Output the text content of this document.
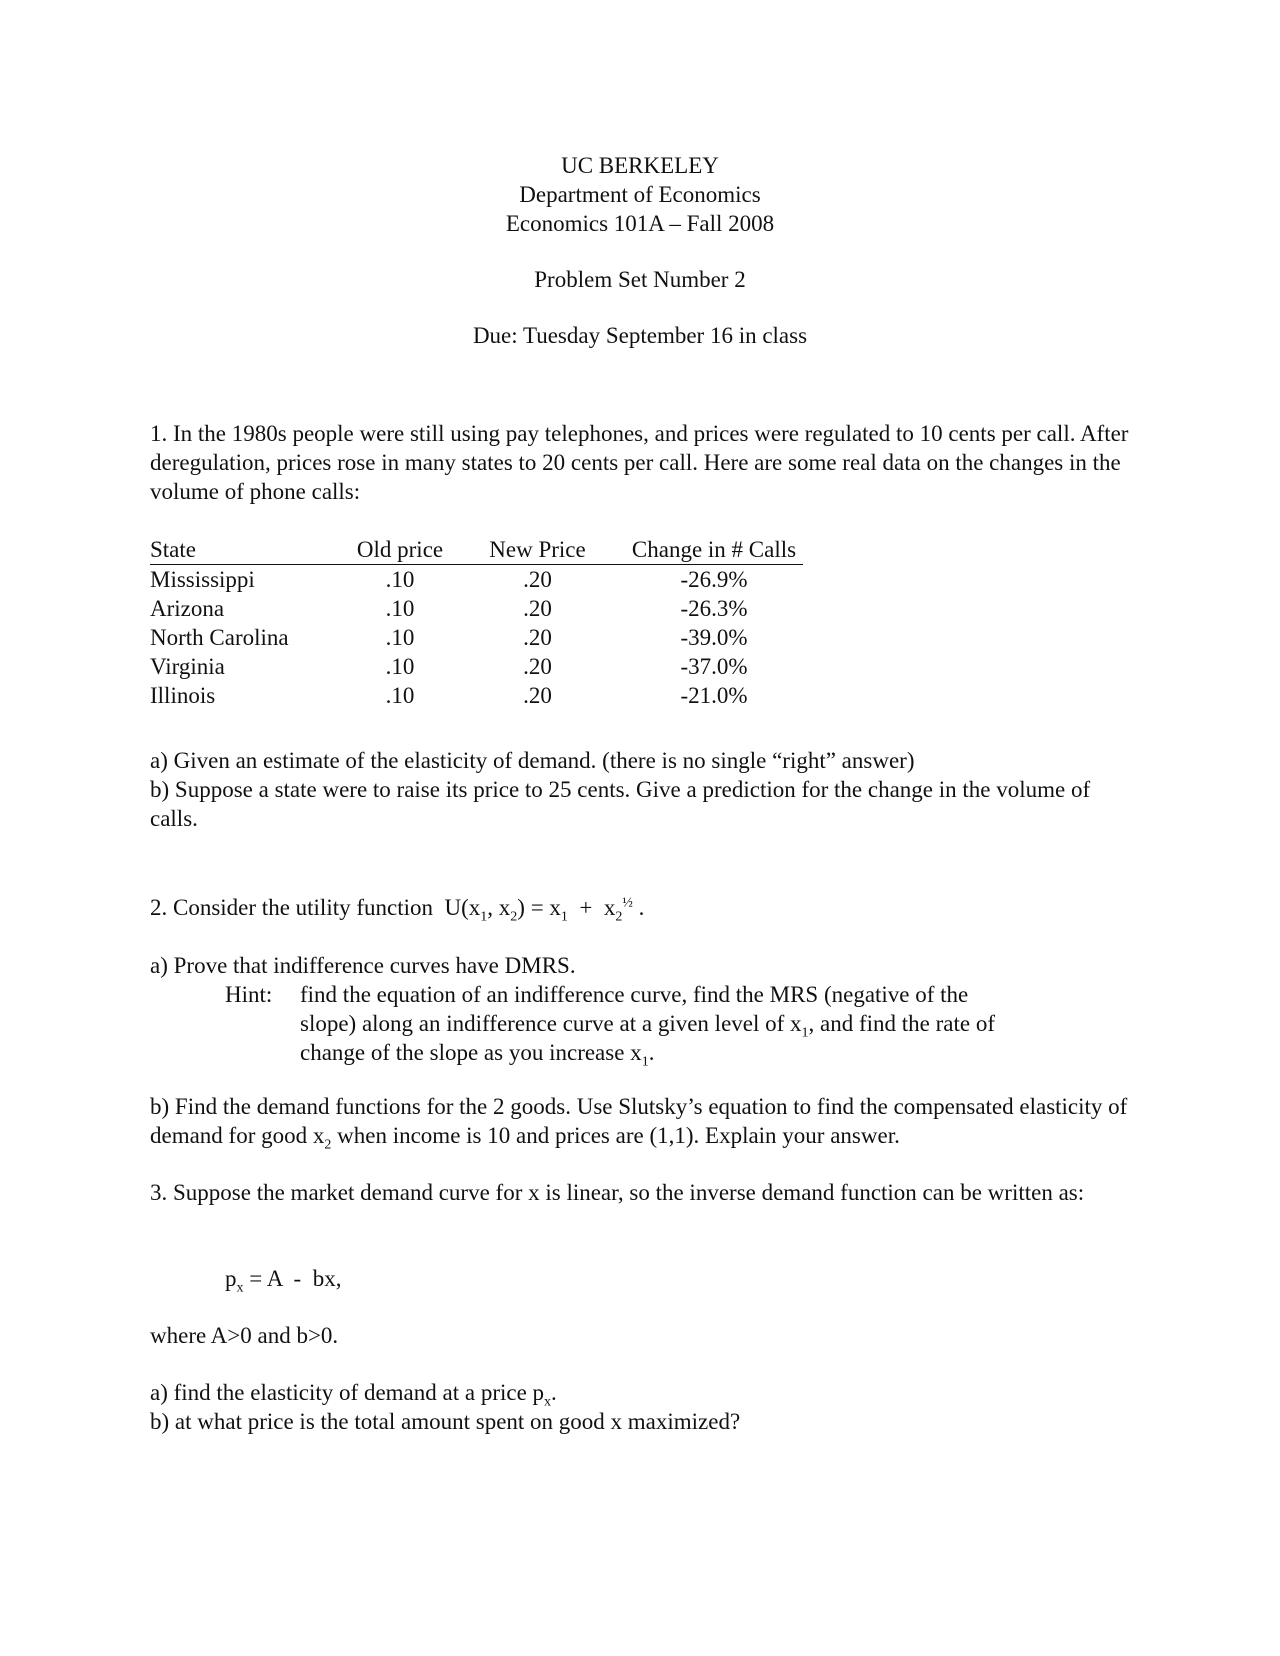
UC BERKELEY
Department of Economics
Economics 101A – Fall 2008
Problem Set Number 2
Due: Tuesday September 16 in class

1. In the 1980s people were still using pay telephones, and prices were regulated to 10 cents per call. After deregulation, prices rose in many states to 20 cents per call. Here are some real data on the changes in the volume of phone calls:

State	Old price	New Price	Change in # Calls
Mississippi	.10	.20	-26.9%
Arizona	.10	.20	-26.3%
North Carolina	.10	.20	-39.0%
Virginia	.10	.20	-37.0%
Illinois	.10	.20	-21.0%

a) Given an estimate of the elasticity of demand. (there is no single “right” answer)

b) Suppose a state were to raise its price to 25 cents. Give a prediction for the change in the volume of calls.

2. Consider the utility function $U(x_1$, $x_2) = x_1 + x_2^{\frac{1}{2}}$ .

a) Prove that indifference curves have DMRS.

Hint:	find the equation of an indifference curve, find the MRS (negative of the slope) along an indifference curve at a given level of $x_1$, and find the rate of change of the slope as you increase $x_1$.

b) Find the demand functions for the 2 goods. Use Slutsky’s equation to find the compensated elasticity of demand for good $x_2$ when income is 10 and prices are (1,1). Explain your answer.

3. Suppose the market demand curve for x is linear, so the inverse demand function can be written as:

$p_x = A$  -  bx,

where A>0 and b>0.

a) find the elasticity of demand at a price $p_x$.

b) at what price is the total amount spent on good x maximized?
